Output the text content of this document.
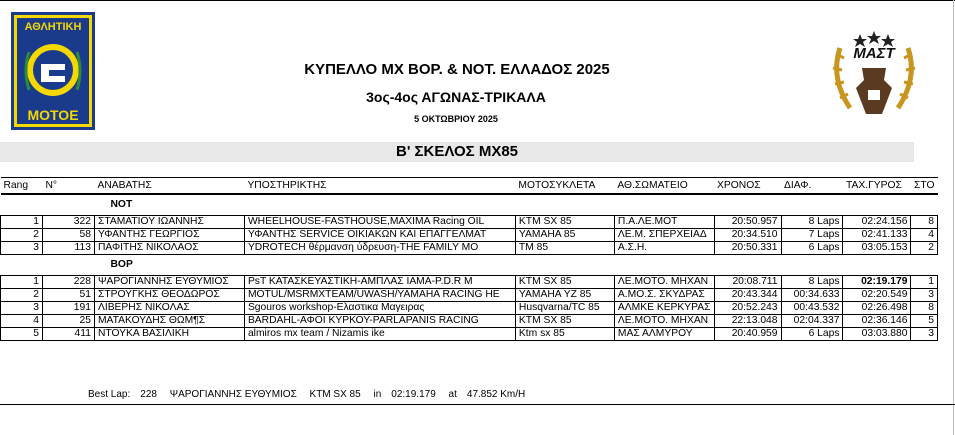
ΑΘΛΗΤΙΚΗ
ΜΟΤΟΕ
ΜΑΣΤ
ΚΥΠΕΛΛΟ MX ΒΟΡ. & ΝΟΤ. ΕΛΛΑΔΟΣ 2025
3ος-4ος ΑΓΩΝΑΣ-ΤΡΙΚΑΛΑ
5 ΟΚΤΩΒΡΙΟΥ 2025
Β' ΣΚΕΛΟΣ MX85
Rang	N°	ΑΝΑΒΑΤΗΣ	ΥΠΟΣΤΗΡΙΚΤΗΣ	ΜΟΤΟΣΥΚΛΕΤΑ	ΑΘ.ΣΩΜΑΤΕΙΟ	ΧΡΟΝΟΣ	ΔΙΑΦ.	ΤΑΧ.ΓΥΡΟΣ	ΣΤΟ
ΝΟΤ									
1	322	ΣΤΑΜΑΤΙΟΥ ΙΩΑΝΝΗΣ	WHEELHOUSE-FASTHOUSE,MAXIMA Racing OIL	KTM SX 85	Π.Α.ΛΕ.ΜΟΤ	20:50.957	8 Laps	02:24.156	8
2	58	ΥΦΑΝΤΗΣ ΓΕΩΡΓΙΟΣ	ΥΦΑΝΤΗΣ SERVICE ΟΙΚΙΑΚΩΝ ΚΑΙ ΕΠΑΓΓΕΛΜΑΤ	YAMAHA 85	ΛΕ.Μ. ΣΠΕΡΧΕΙΑΔ	20:34.510	7 Laps	02:41.133	4
3	113	ΠΑΦΙΤΗΣ ΝΙΚΟΛΑΟΣ	YDROTECH θέρμανση ύδρευση-THE FAMILY MO	TM 85	Α.Σ.Η.	20:50.331	6 Laps	03:05.153	2
ΒΟΡ									
1	228	ΨΑΡΟΓΙΑΝΝΗΣ ΕΥΘΥΜΙΟΣ	PsT ΚΑΤΑΣΚΕΥΑΣΤΙΚΗ-ΑΜΠΛΑΣ ΙΑΜΑ-P.D.R M	KTM SX 85	ΛΕ.ΜΟΤΟ. ΜΗΧΑΝ	20:08.711	8 Laps	02:19.179	1
2	51	ΣΤΡΟΥΓΚΗΣ ΘΕΟΔΩΡΟΣ	MOTUL/MSRMXTEAM/UWASH/YAMAHA RACING HE	YAMAHA YZ 85	Α.ΜΟ.Σ. ΣΚΥΔΡΑΣ	20:43.344	00:34.633	02:20.549	3
3	191	ΛΙΒΕΡΗΣ ΝΙΚΟΛΑΣ	Sgouros workshop-Ελαστικα Μαγειρας	Husqvarna/TC 85	ΑΛΜΚΕ ΚΕΡΚΥΡΑΣ	20:52.243	00:43.532	02:26.498	8
4	25	ΜΑΤΑΚΟΥΔΗΣ ΘΩΜ¶Σ	BARDAHL-ΑΦΟΙ ΚΥΡΚΟΥ-PARLAPANIS RACING	KTM SX 85	ΛΕ.ΜΟΤΟ. ΜΗΧΑΝ	22:13.048	02:04.337	02:36.146	5
5	411	ΝΤΟΥΚΑ ΒΑΣΙΛΙΚΗ	almiros mx team / Nizamis ike	Ktm sx 85	ΜΑΣ ΑΛΜΥΡΟΥ	20:40.959	6 Laps	03:03.880	3
Best Lap: 228 ΨΑΡΟΓΙΑΝΝΗΣ ΕΥΘΥΜΙΟΣ KTM SX 85 in 02:19.179 at 47.852 Km/H
